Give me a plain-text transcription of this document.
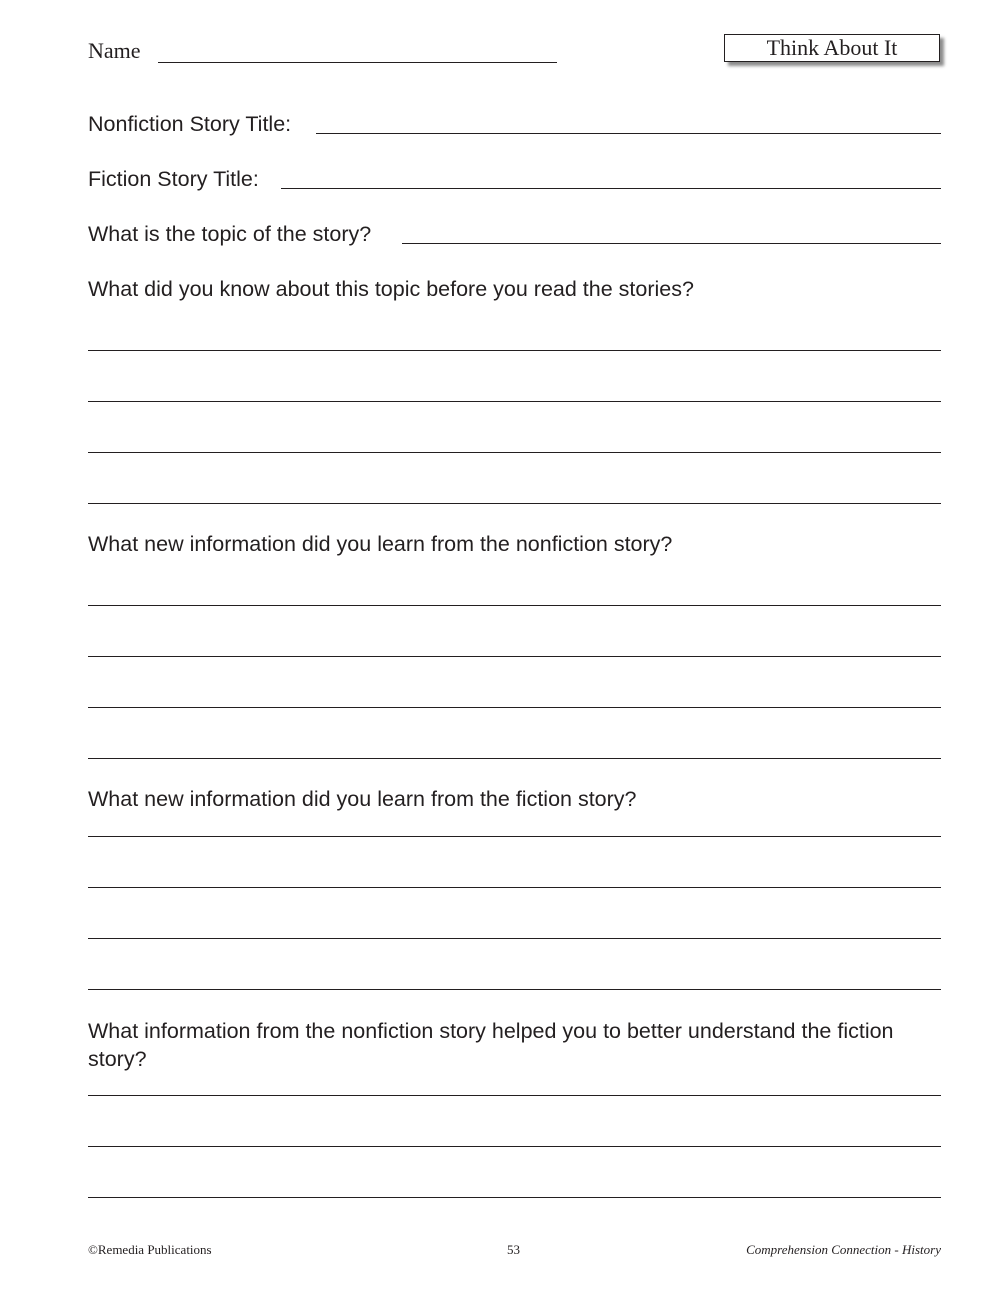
Name	Think About It
Nonfiction Story Title:
Fiction Story Title:
What is the topic of the story?
What did you know about this topic before you read the stories?
What new information did you learn from the nonfiction story?
What new information did you learn from the fiction story?
What information from the nonfiction story helped you to better understand the fiction story?
©Remedia Publications	53	Comprehension Connection - History
